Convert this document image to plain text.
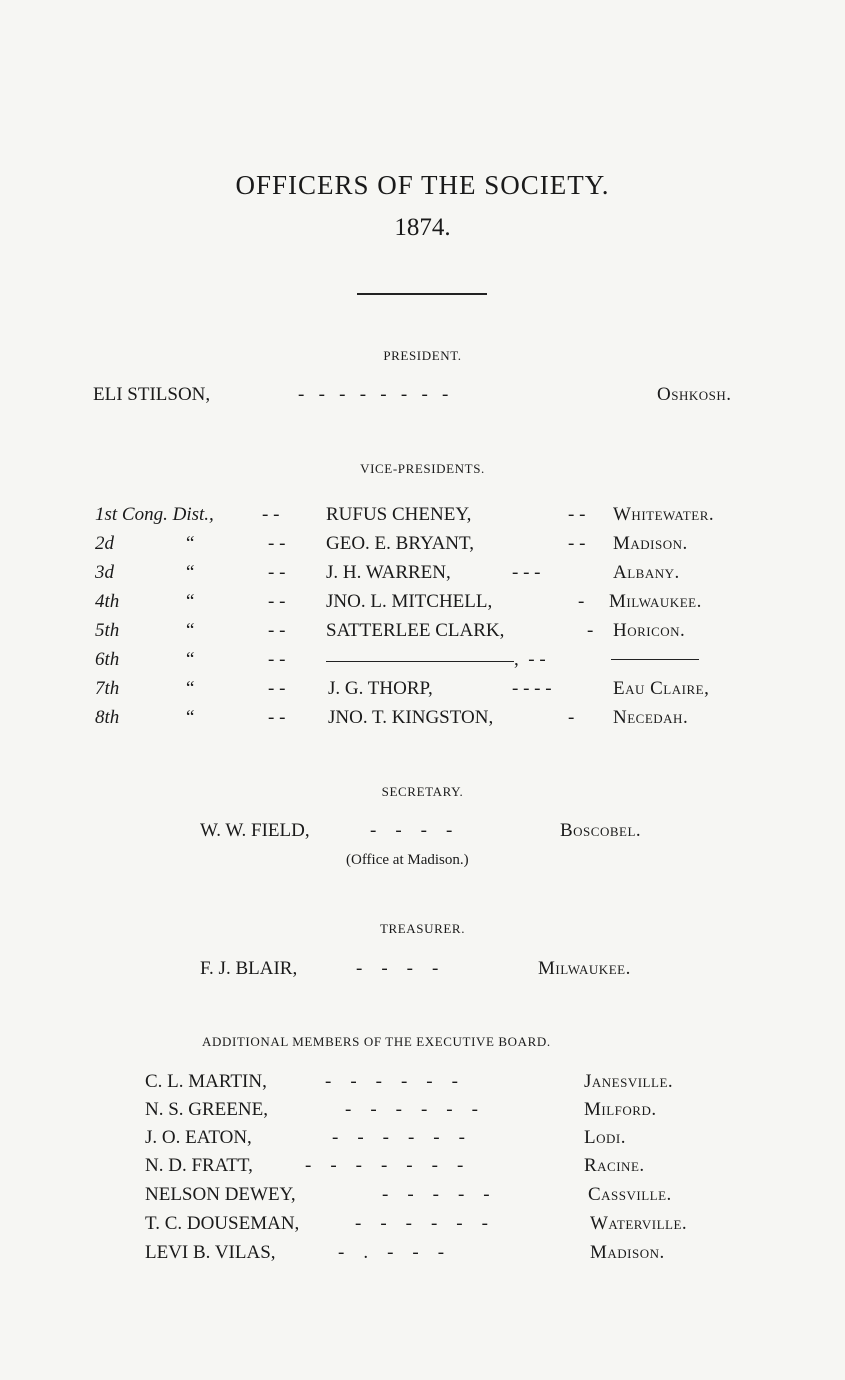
OFFICERS OF THE SOCIETY.
1874.
PRESIDENT.
ELI STILSON,	-   -   -   -   -   -   -   -	Oshkosh.
VICE-PRESIDENTS.
1st Cong. Dist.,	- - RUFUS CHENEY,	- - Whitewater.
2d	“	- - GEO. E. BRYANT,	- - Madison.
3d	“	- - J. H. WARREN,	- - -	Albany.
4th	“	- - JNO. L. MITCHELL,	- Milwaukee.
5th	“	- - SATTERLEE CLARK,	- Horicon.
6th	“	- -	,  - -
7th	“	- - J. G. THORP,	- - - -	Eau Claire,
8th	“	- - JNO. T. KINGSTON,	- Necedah.
SECRETARY.
W. W. FIELD,	-    -    -    -	Boscobel.
(Office at Madison.)
TREASURER.
F. J. BLAIR,	-    -    -    -	Milwaukee.
ADDITIONAL MEMBERS OF THE EXECUTIVE BOARD.
C. L. MARTIN,	-    -    -    -    -    -	Janesville.
N. S. GREENE,	-    -    -    -    -    -	Milford.
J. O. EATON,	-    -    -    -    -    -	Lodi.
N. D. FRATT,	-    -    -    -    -    -    -	Racine.
NELSON DEWEY,	-    -    -    -    -	Cassville.
T. C. DOUSEMAN,	-    -    -    -    -    -	Waterville.
LEVI B. VILAS,	-    .    -    -    -	Madison.
